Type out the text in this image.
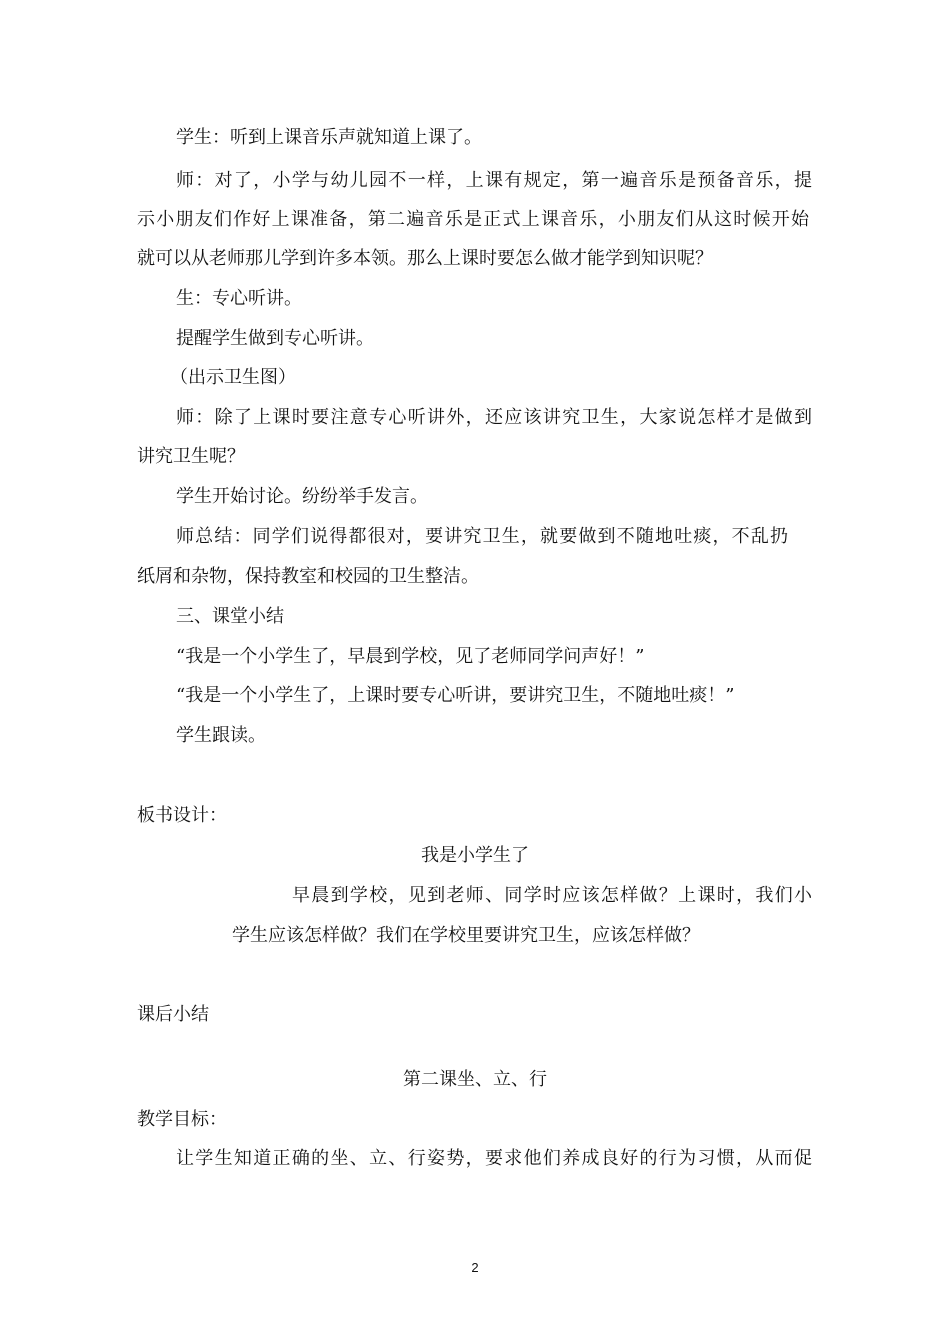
学生：听到上课音乐声就知道上课了。
师：对了，小学与幼儿园不一样，上课有规定，第一遍音乐是预备音乐，提
示小朋友们作好上课准备，第二遍音乐是正式上课音乐，小朋友们从这时候开始
就可以从老师那儿学到许多本领。那么上课时要怎么做才能学到知识呢？
生：专心听讲。
提醒学生做到专心听讲。
（出示卫生图）
师：除了上课时要注意专心听讲外，还应该讲究卫生，大家说怎样才是做到
讲究卫生呢？
学生开始讨论。纷纷举手发言。
师总结：同学们说得都很对，要讲究卫生，就要做到不随地吐痰，不乱扔
纸屑和杂物，保持教室和校园的卫生整洁。
三、课堂小结
“我是一个小学生了，早晨到学校，见了老师同学问声好！”
“我是一个小学生了，上课时要专心听讲，要讲究卫生，不随地吐痰！”
学生跟读。
板书设计：
我是小学生了
早晨到学校，见到老师、同学时应该怎样做？上课时，我们小
学生应该怎样做？我们在学校里要讲究卫生，应该怎样做？
课后小结
第二课坐、立、行
教学目标：
让学生知道正确的坐、立、行姿势，要求他们养成良好的行为习惯，从而促
2
